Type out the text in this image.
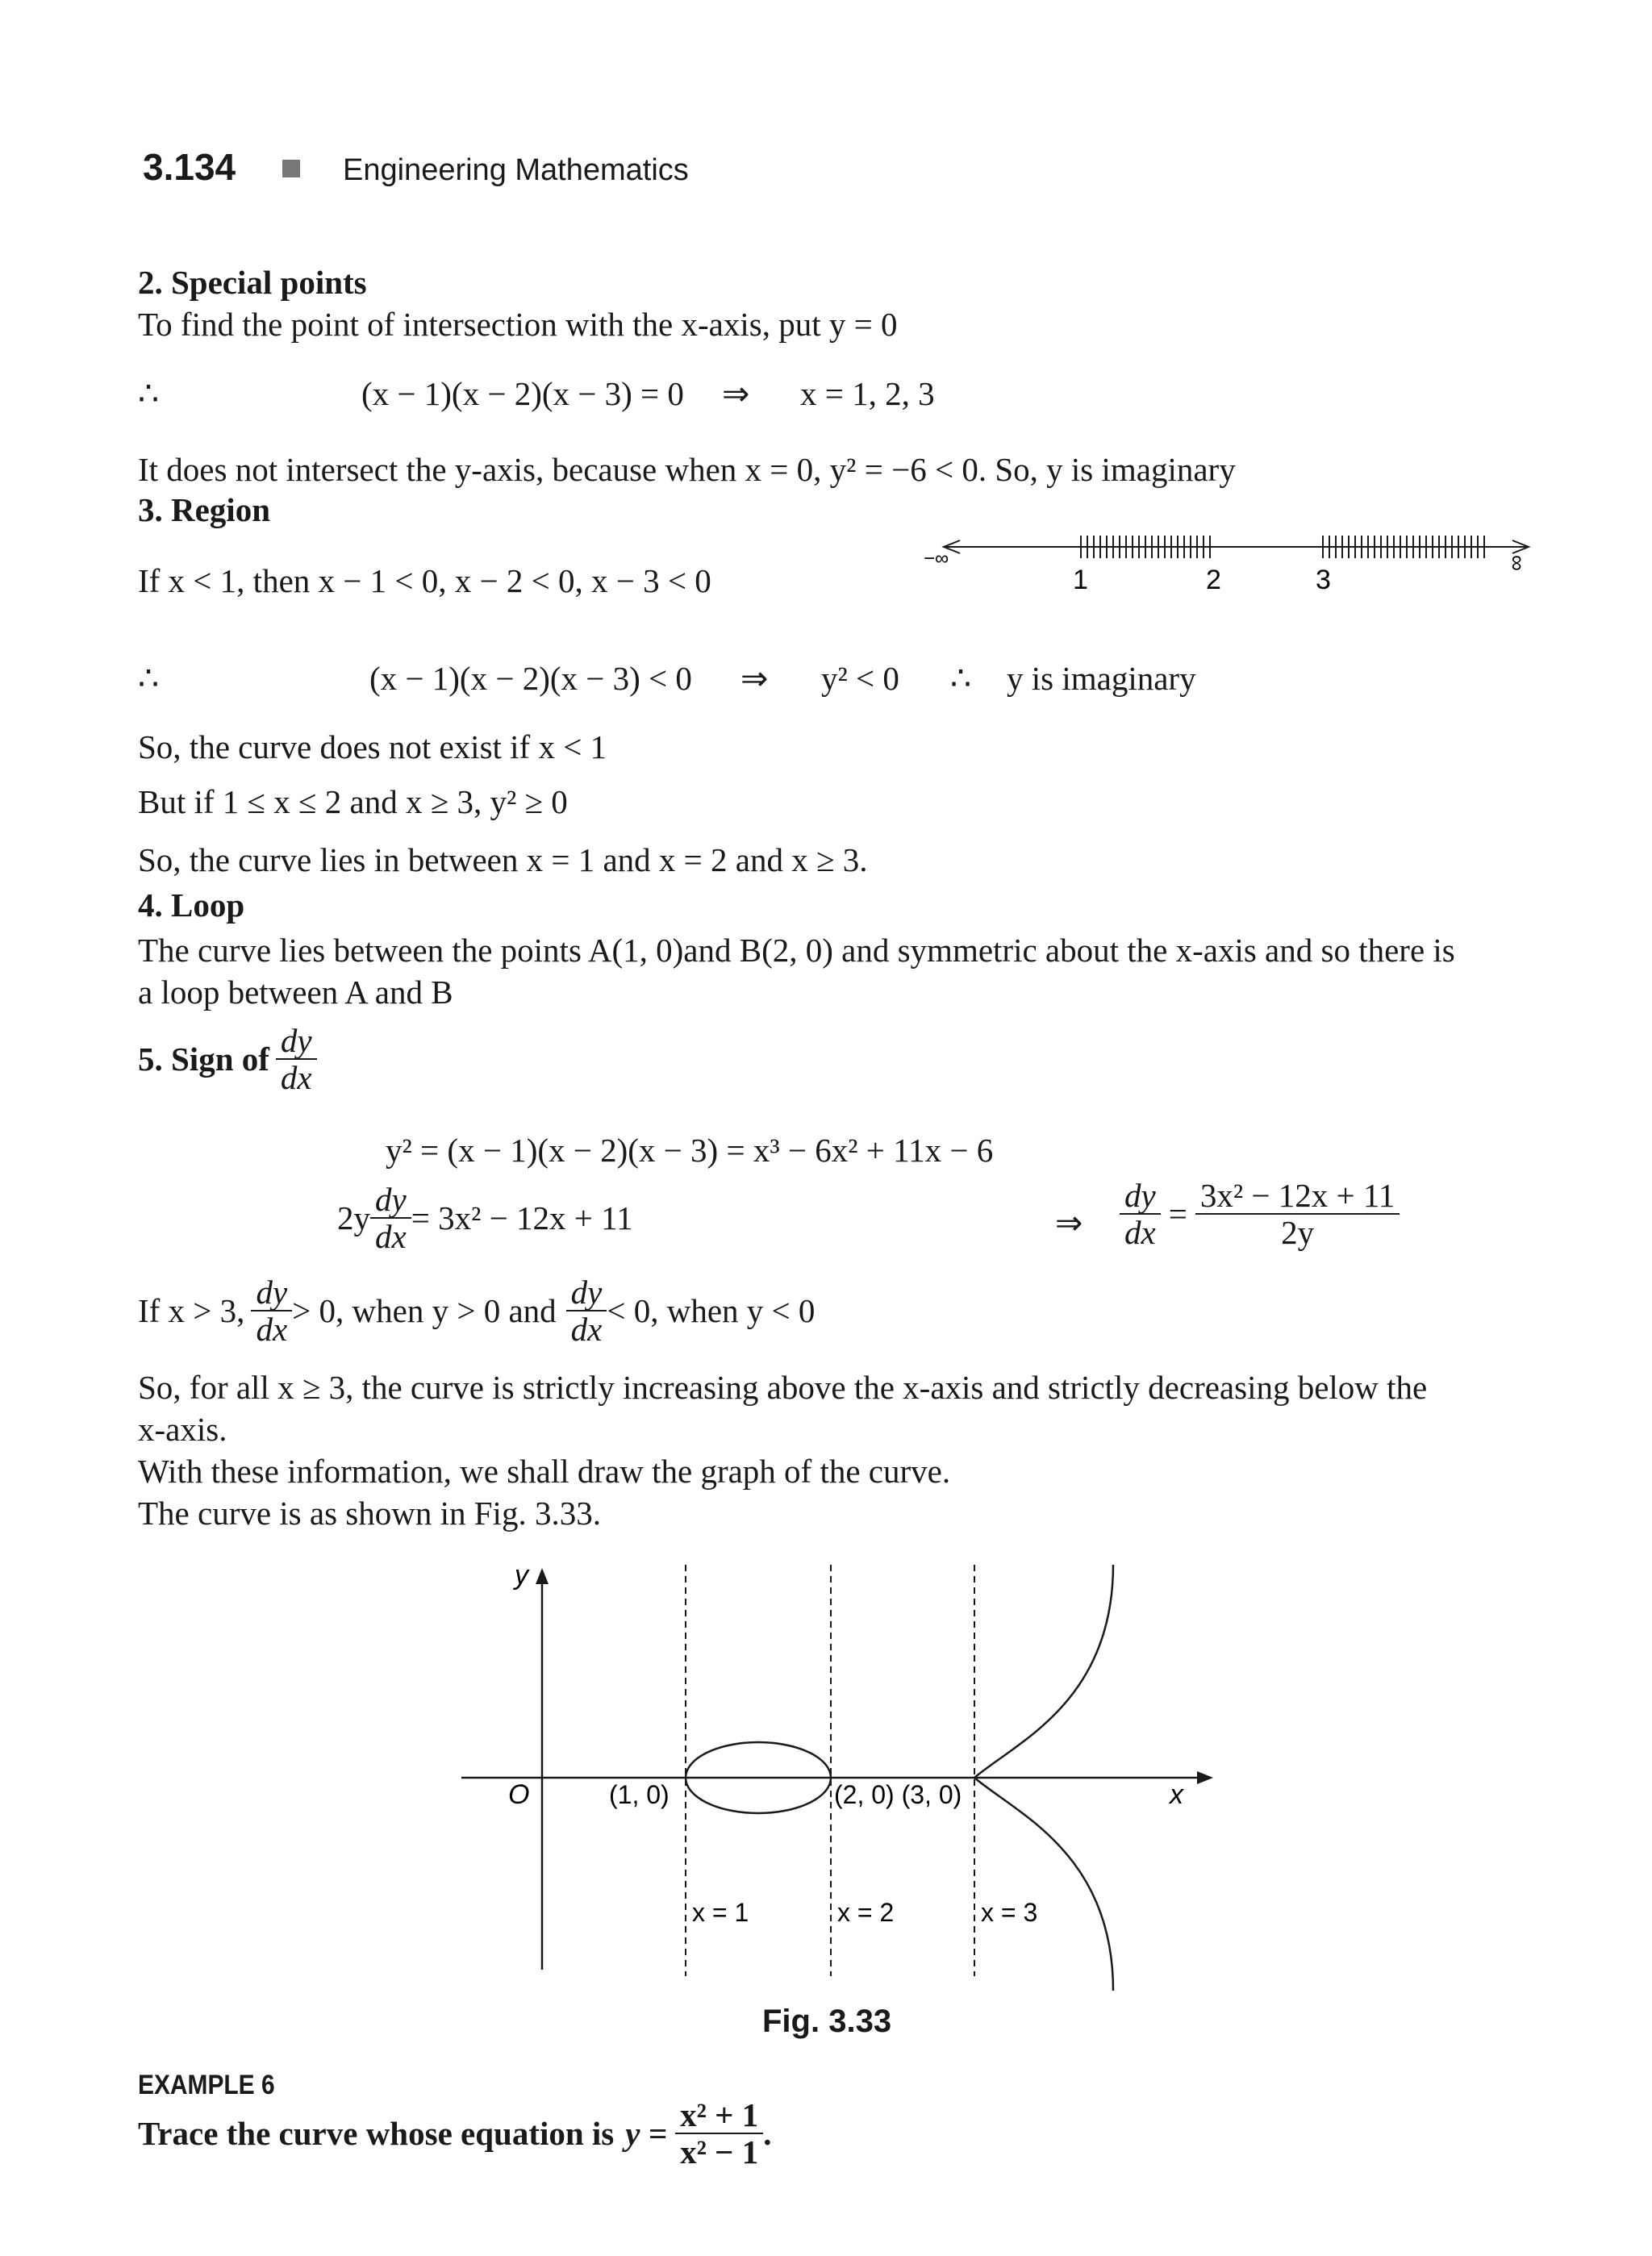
3.134	Engineering Mathematics
2. Special points
To find the point of intersection with the x-axis, put y = 0
∴	(x − 1)(x − 2)(x − 3) = 0 ⇒ x = 1, 2, 3
It does not intersect the y-axis, because when x = 0, y² = −6 < 0. So, y is imaginary
3. Region
If x < 1, then x − 1 < 0, x − 2 < 0, x − 3 < 0
−∞	∞
1	2	3
∴	(x − 1)(x − 2)(x − 3) < 0 ⇒ y² < 0 ∴ y is imaginary
So, the curve does not exist if x < 1
But if 1 ≤ x ≤ 2 and x ≥ 3, y² ≥ 0
So, the curve lies in between x = 1 and x = 2 and x ≥ 3.
4. Loop
The curve lies between the points A(1, 0)and B(2, 0) and symmetric about the x-axis and so there is
a loop between A and B
5. Sign of $\frac{dy}{dx}$
y² = (x − 1)(x − 2)(x − 3) = x³ − 6x² + 11x − 6
$2y \frac{dy}{dx} = 3x^2 - 12x + 11$	⇒ $\frac{dy}{dx} = \frac{\text{3x² − 12x + 11}}{2y}$
If x > 3, $\frac{dy}{dx} > 0$, when y > 0 and $\frac{dy}{dx} < 0$, when y < 0
So, for all x ≥ 3, the curve is strictly increasing above the x-axis and strictly decreasing below the
x-axis.
With these information, we shall draw the graph of the curve.
The curve is as shown in Fig. 3.33.
y
x
O	(1, 0)	(2, 0) (3, 0)
x = 1	x = 2	x = 3
Fig. 3.33
EXAMPLE 6
Trace the curve whose equation is $y = \frac{\text{x² + 1}}{\text{x² − 1}}$ .
